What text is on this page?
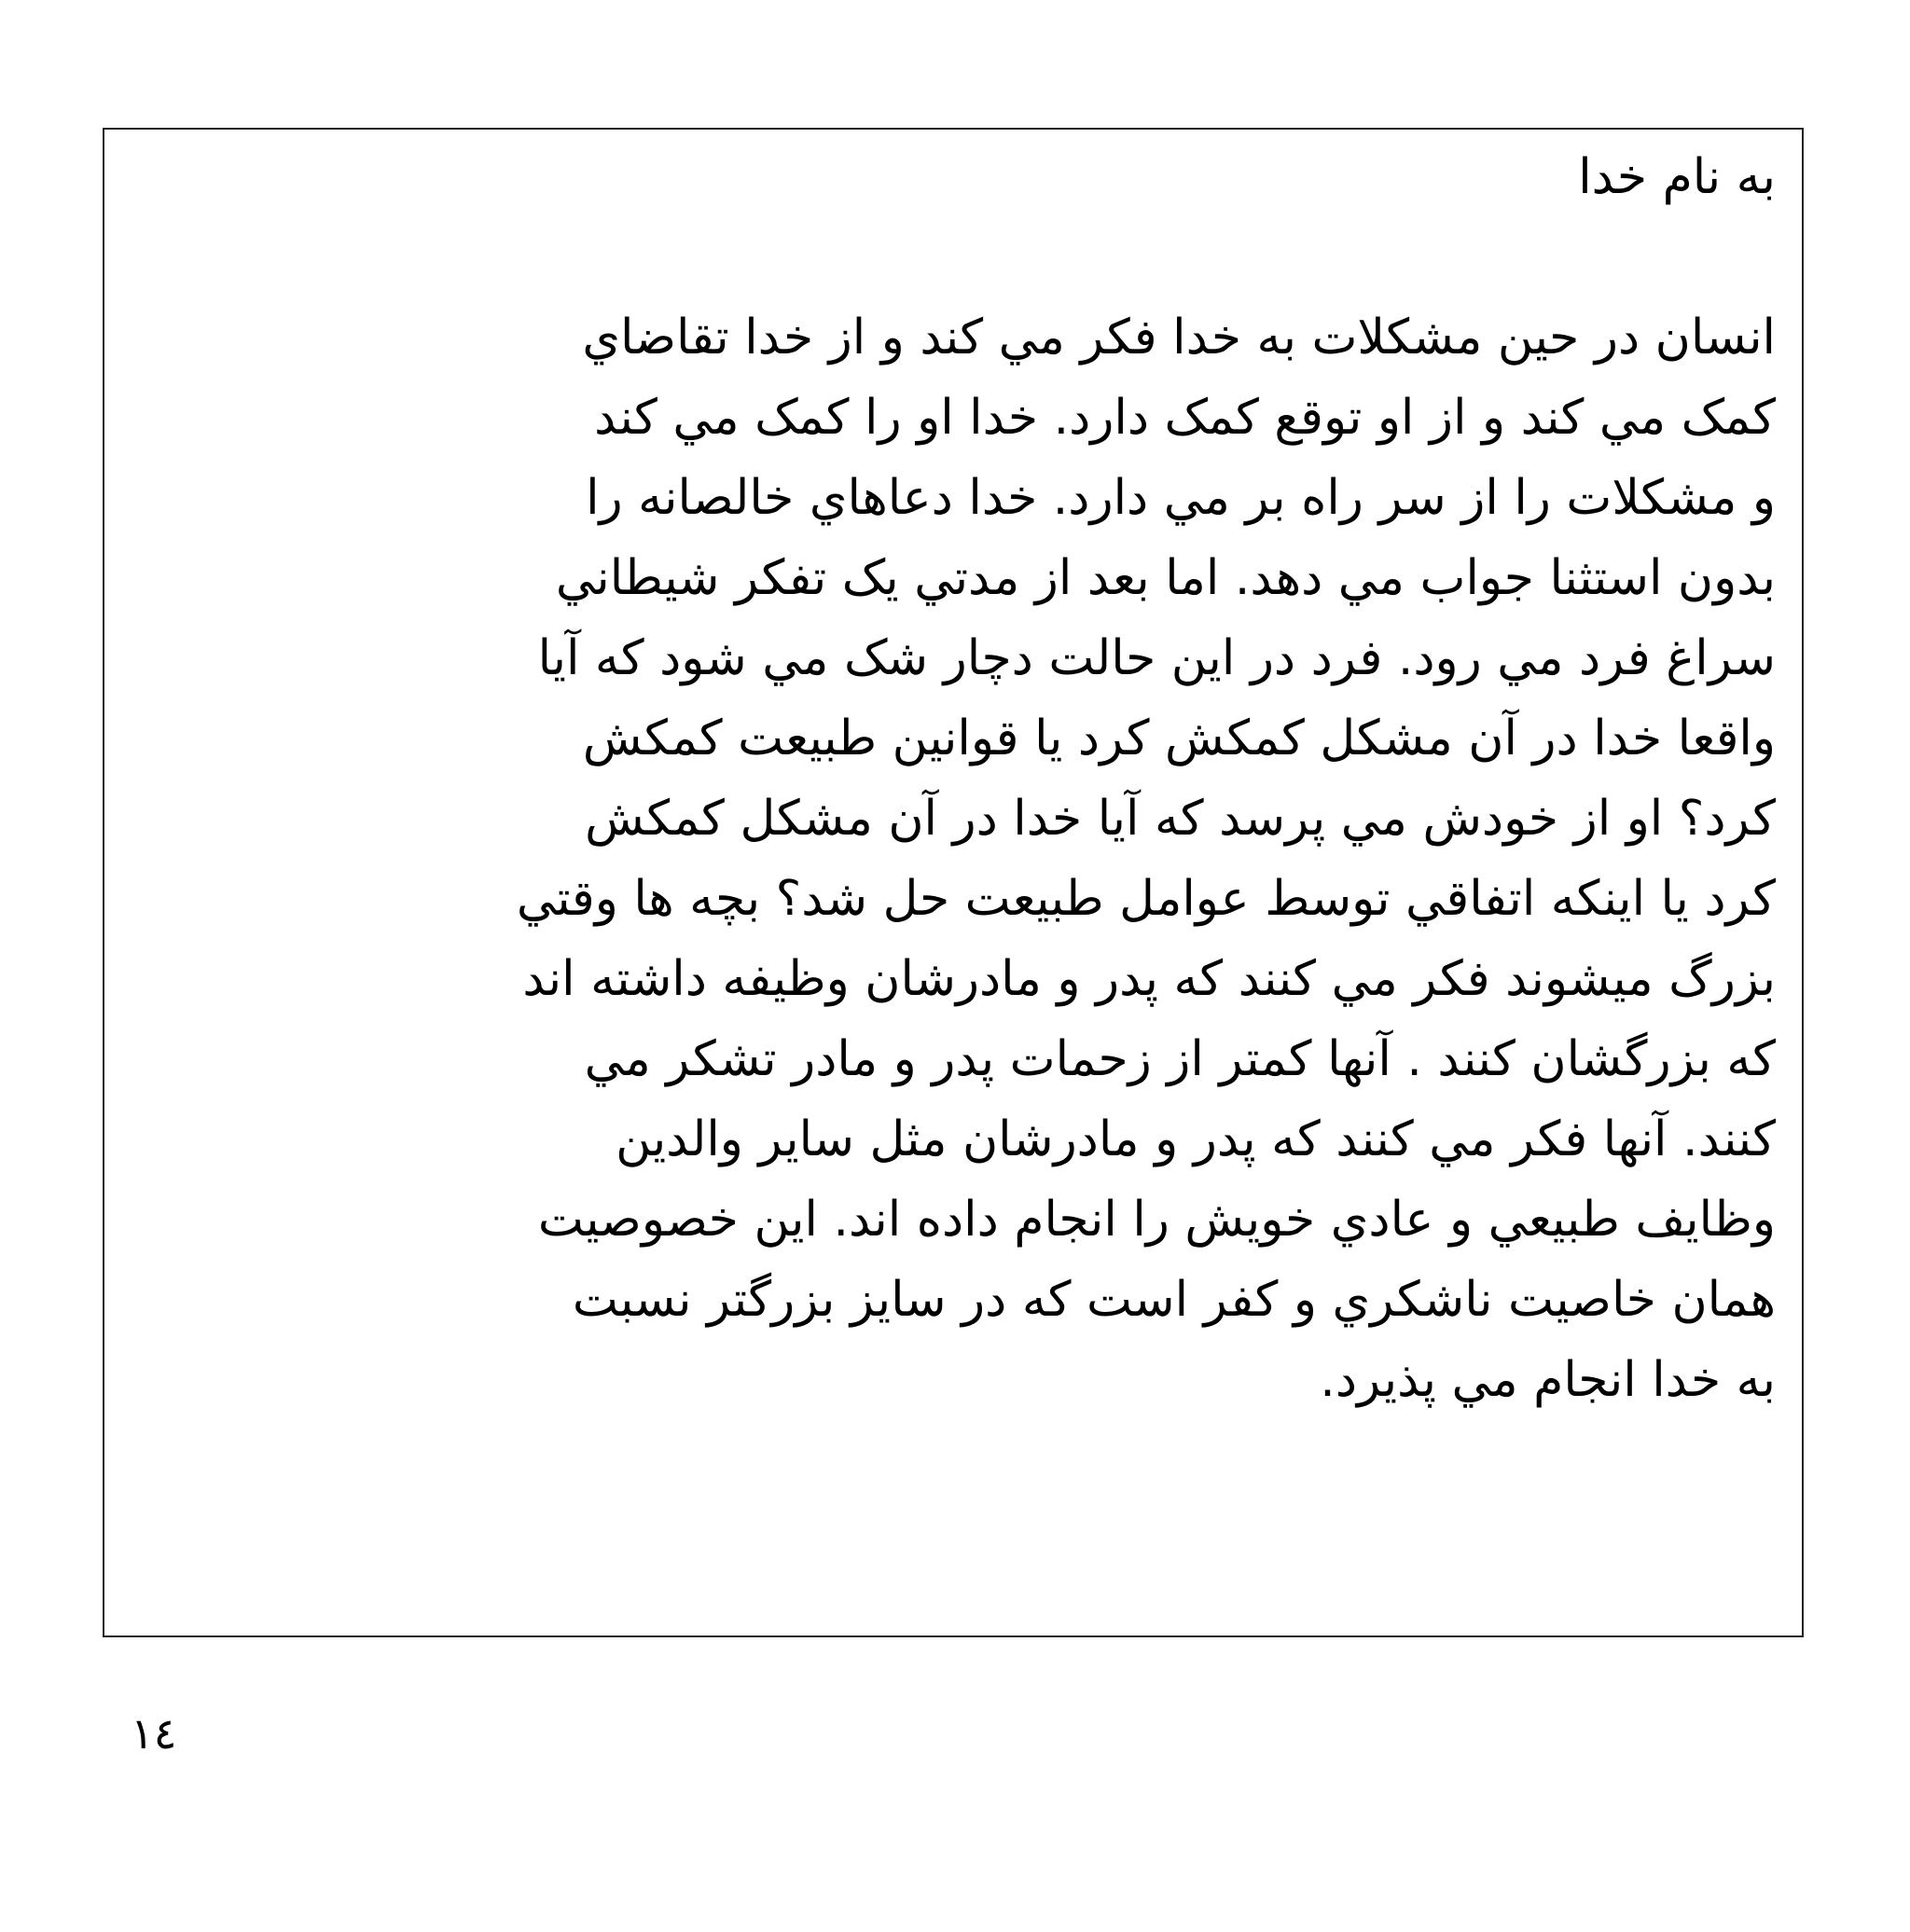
به نام خدا
انسان در حين مشكلات به خدا فكر مي كند و از خدا تقاضاي
كمک مي كند و از او توقع كمک دارد. خدا او را كمک مي كند
و مشكلات را از سر راه بر مي دارد. خدا دعاهاي خالصانه را
بدون استثنا جواب مي دهد. اما بعد از مدتي يک تفكر شيطاني
سراغ فرد مي رود. فرد در اين حالت دچار شک مي شود كه آيا
واقعا خدا در آن مشكل كمكش كرد يا قوانين طبيعت كمكش
كرد؟ او از خودش مي پرسد كه آيا خدا در آن مشكل كمكش
كرد يا اينكه اتفاقي توسط عوامل طبيعت حل شد؟ بچه ها وقتي
بزرگ ميشوند فكر مي كنند كه پدر و مادرشان وظيفه داشته اند
كه بزرگشان كنند . آنها كمتر از زحمات پدر و مادر تشكر مي
كنند. آنها فكر مي كنند كه پدر و مادرشان مثل ساير والدين
وظايف طبيعي و عادي خويش را انجام داده اند. اين خصوصيت
همان خاصيت ناشكري و كفر است كه در سايز بزرگتر نسبت
به خدا انجام مي پذيرد.
١٤
